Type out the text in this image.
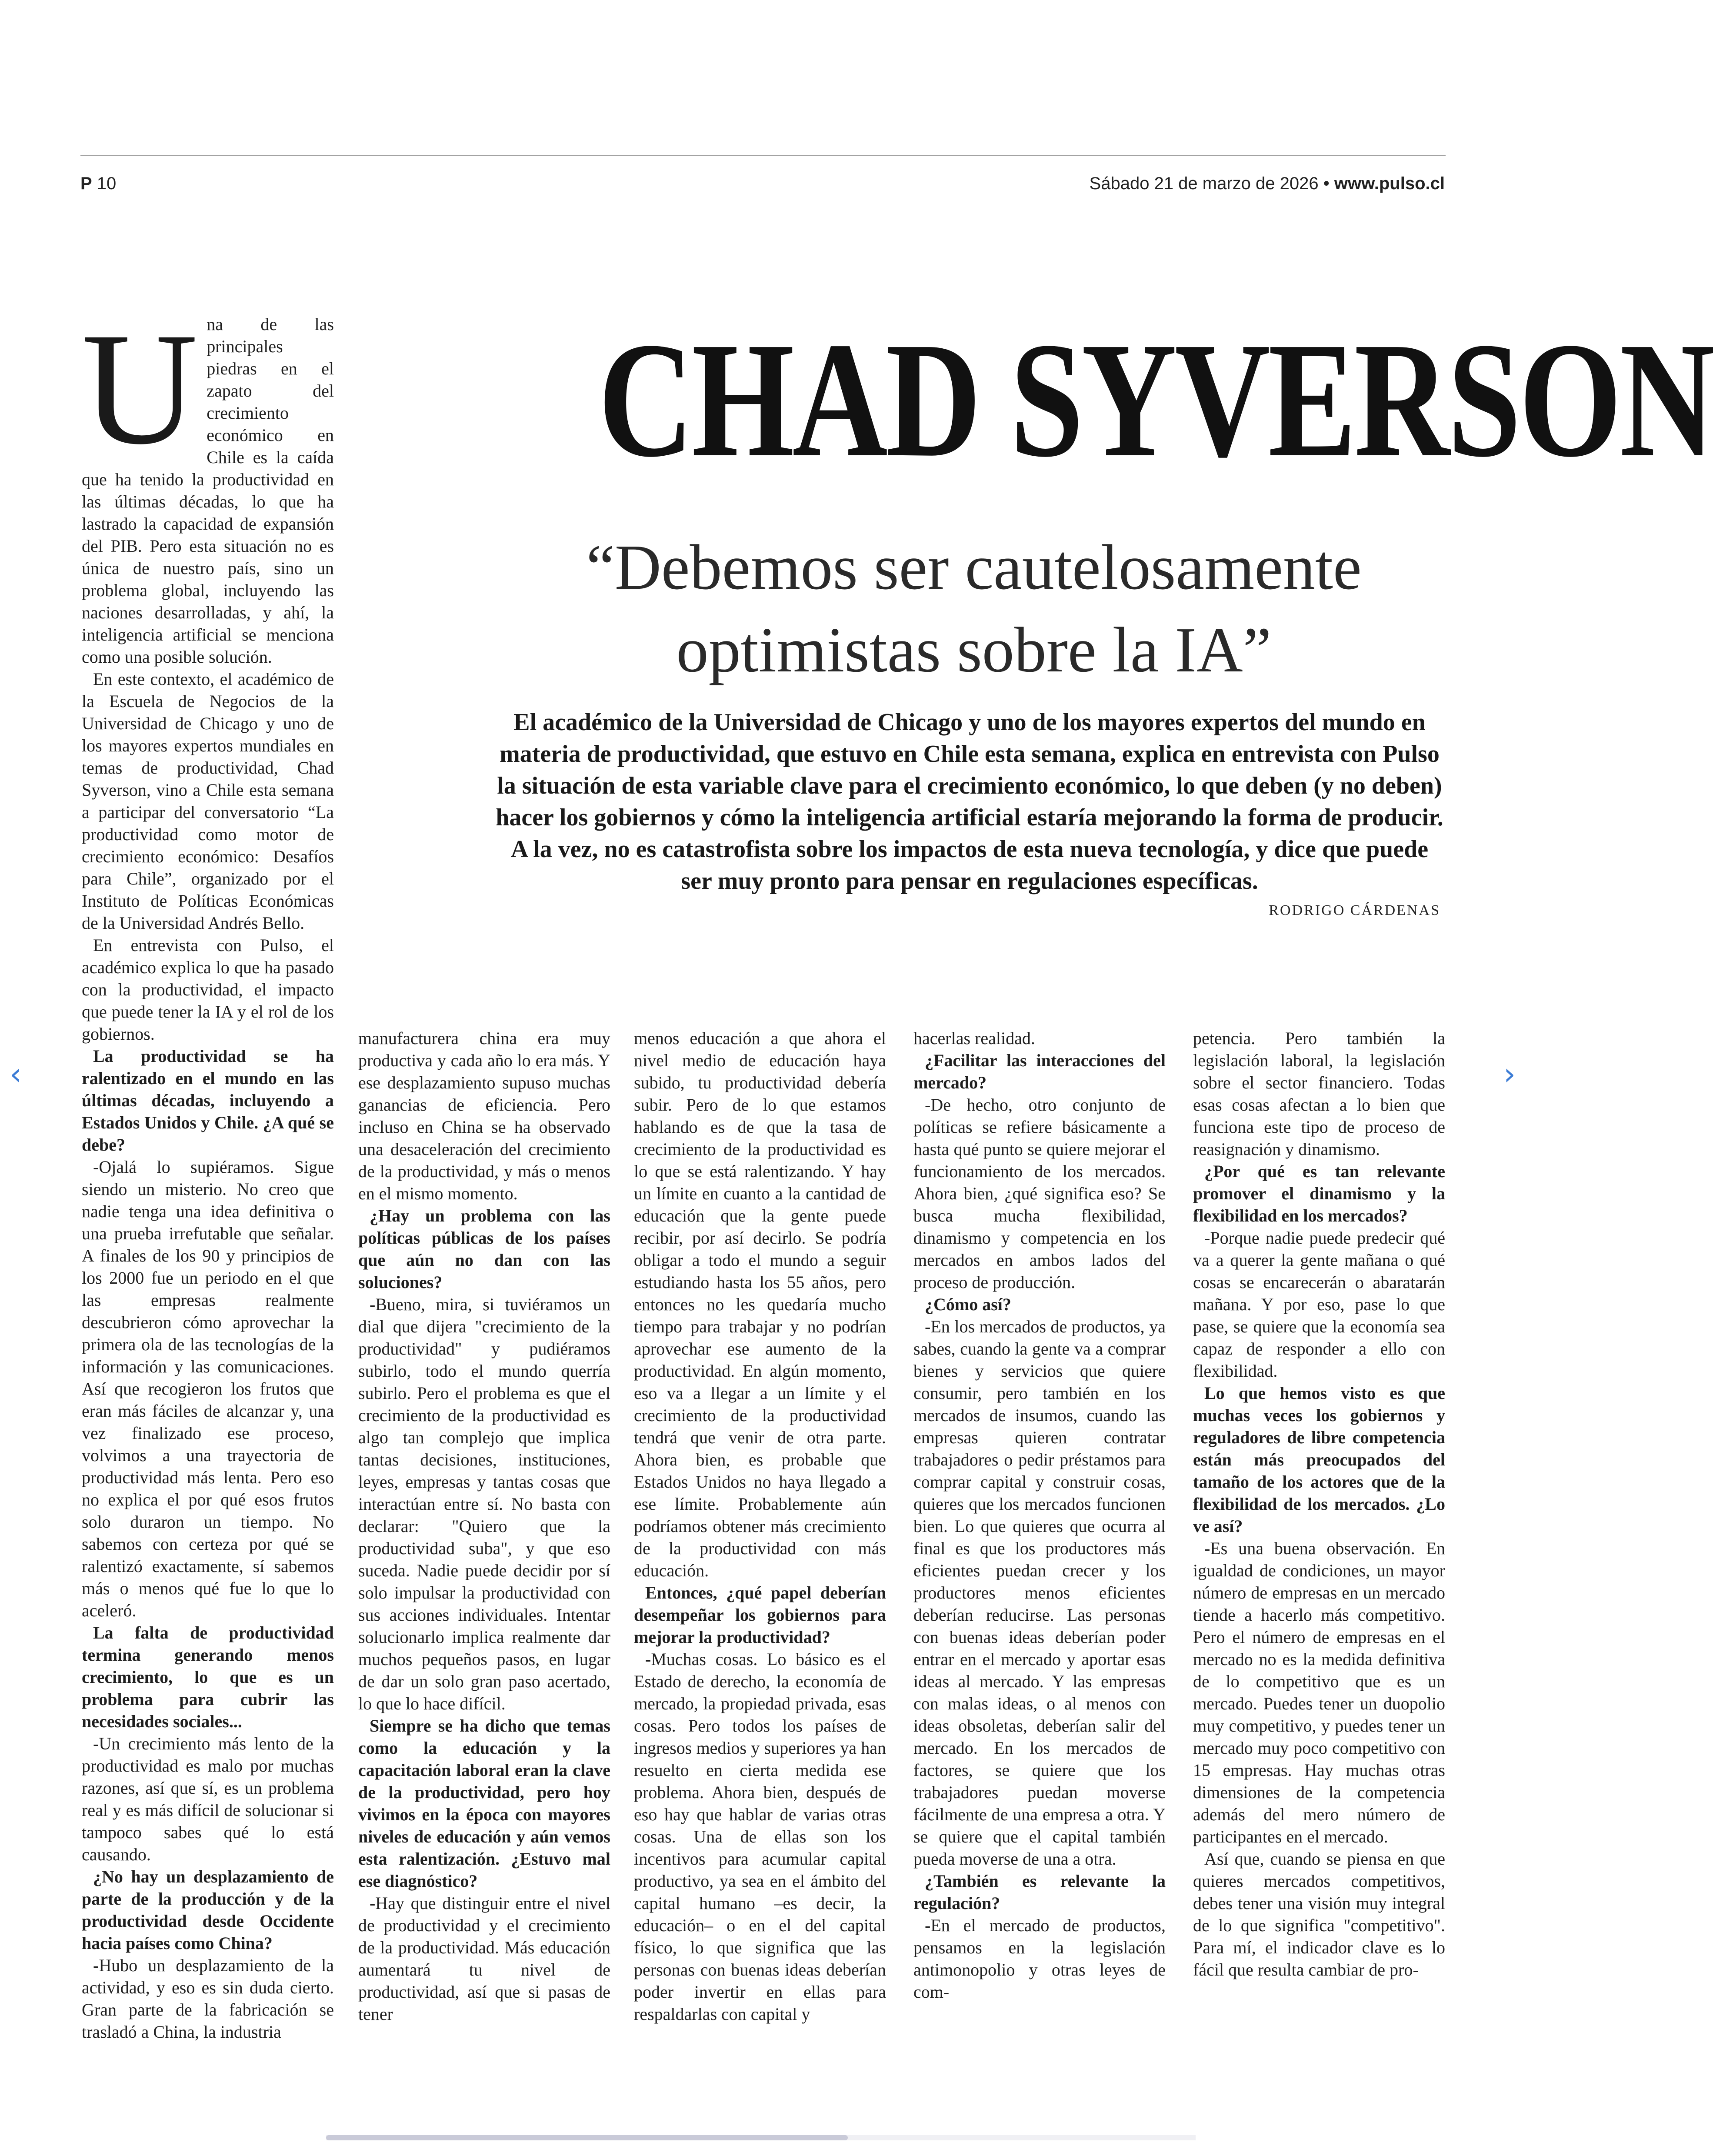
P 10	Sábado 21 de marzo de 2026 • www.pulso.cl
CHAD SYVERSON
“Debemos ser cautelosamente optimistas sobre la IA”
El académico de la Universidad de Chicago y uno de los mayores expertos del mundo en materia de productividad, que estuvo en Chile esta semana, explica en entrevista con Pulso la situación de esta variable clave para el crecimiento económico, lo que deben (y no deben) hacer los gobiernos y cómo la inteligencia artificial estaría mejorando la forma de producir. A la vez, no es catastrofista sobre los impactos de esta nueva tecnología, y dice que puede ser muy pronto para pensar en regulaciones específicas.
RODRIGO CÁRDENAS
U na de las principales piedras en el zapato del crecimiento económico en Chile es la caída que ha tenido la productividad en las últimas décadas, lo que ha lastrado la capacidad de expansión del PIB. Pero esta situación no es única de nuestro país, sino un problema global, incluyendo las naciones desarrolladas, y ahí, la inteligencia artificial se menciona como una posible solución.

En este contexto, el académico de la Escuela de Negocios de la Universidad de Chicago y uno de los mayores expertos mundiales en temas de productividad, Chad Syverson, vino a Chile esta semana a participar del conversatorio “La productividad como motor de crecimiento económico: Desafíos para Chile”, organizado por el Instituto de Políticas Económicas de la Universidad Andrés Bello.

En entrevista con Pulso, el académico explica lo que ha pasado con la productividad, el impacto que puede tener la IA y el rol de los gobiernos.

La productividad se ha ralentizado en el mundo en las últimas décadas, incluyendo a Estados Unidos y Chile. ¿A qué se debe?

-Ojalá lo supiéramos. Sigue siendo un misterio. No creo que nadie tenga una idea definitiva o una prueba irrefutable que señalar. A finales de los 90 y principios de los 2000 fue un periodo en el que las empresas realmente descubrieron cómo aprovechar la primera ola de las tecnologías de la información y las comunicaciones. Así que recogieron los frutos que eran más fáciles de alcanzar y, una vez finalizado ese proceso, volvimos a una trayectoria de productividad más lenta. Pero eso no explica el por qué esos frutos solo duraron un tiempo. No sabemos con certeza por qué se ralentizó exactamente, sí sabemos más o menos qué fue lo que lo aceleró.

La falta de productividad termina generando menos crecimiento, lo que es un problema para cubrir las necesidades sociales...

-Un crecimiento más lento de la productividad es malo por muchas razones, así que sí, es un problema real y es más difícil de solucionar si tampoco sabes qué lo está causando.

¿No hay un desplazamiento de parte de la producción y de la productividad desde Occidente hacia países como China?

-Hubo un desplazamiento de la actividad, y eso es sin duda cierto. Gran parte de la fabricación se trasladó a China, la industria

manufacturera china era muy productiva y cada año lo era más. Y ese desplazamiento supuso muchas ganancias de eficiencia. Pero incluso en China se ha observado una desaceleración del crecimiento de la productividad, y más o menos en el mismo momento.

¿Hay un problema con las políticas públicas de los países que aún no dan con las soluciones?

-Bueno, mira, si tuviéramos un dial que dijera "crecimiento de la productividad" y pudiéramos subirlo, todo el mundo querría subirlo. Pero el problema es que el crecimiento de la productividad es algo tan complejo que implica tantas decisiones, instituciones, leyes, empresas y tantas cosas que interactúan entre sí. No basta con declarar: "Quiero que la productividad suba", y que eso suceda. Nadie puede decidir por sí solo impulsar la productividad con sus acciones individuales. Intentar solucionarlo implica realmente dar muchos pequeños pasos, en lugar de dar un solo gran paso acertado, lo que lo hace difícil.

Siempre se ha dicho que temas como la educación y la capacitación laboral eran la clave de la productividad, pero hoy vivimos en la época con mayores niveles de educación y aún vemos esta ralentización. ¿Estuvo mal ese diagnóstico?

-Hay que distinguir entre el nivel de productividad y el crecimiento de la productividad. Más educación aumentará tu nivel de productividad, así que si pasas de tener

menos educación a que ahora el nivel medio de educación haya subido, tu productividad debería subir. Pero de lo que estamos hablando es de que la tasa de crecimiento de la productividad es lo que se está ralentizando. Y hay un límite en cuanto a la cantidad de educación que la gente puede recibir, por así decirlo. Se podría obligar a todo el mundo a seguir estudiando hasta los 55 años, pero entonces no les quedaría mucho tiempo para trabajar y no podrían aprovechar ese aumento de la productividad. En algún momento, eso va a llegar a un límite y el crecimiento de la productividad tendrá que venir de otra parte. Ahora bien, es probable que Estados Unidos no haya llegado a ese límite. Probablemente aún podríamos obtener más crecimiento de la productividad con más educación.

Entonces, ¿qué papel deberían desempeñar los gobiernos para mejorar la productividad?

-Muchas cosas. Lo básico es el Estado de derecho, la economía de mercado, la propiedad privada, esas cosas. Pero todos los países de ingresos medios y superiores ya han resuelto en cierta medida ese problema. Ahora bien, después de eso hay que hablar de varias otras cosas. Una de ellas son los incentivos para acumular capital productivo, ya sea en el ámbito del capital humano –es decir, la educación– o en el del capital físico, lo que significa que las personas con buenas ideas deberían poder invertir en ellas para respaldarlas con capital y

hacerlas realidad.

¿Facilitar las interacciones del mercado?

-De hecho, otro conjunto de políticas se refiere básicamente a hasta qué punto se quiere mejorar el funcionamiento de los mercados. Ahora bien, ¿qué significa eso? Se busca mucha flexibilidad, dinamismo y competencia en los mercados en ambos lados del proceso de producción.

¿Cómo así?

-En los mercados de productos, ya sabes, cuando la gente va a comprar bienes y servicios que quiere consumir, pero también en los mercados de insumos, cuando las empresas quieren contratar trabajadores o pedir préstamos para comprar capital y construir cosas, quieres que los mercados funcionen bien. Lo que quieres que ocurra al final es que los productores más eficientes puedan crecer y los productores menos eficientes deberían reducirse. Las personas con buenas ideas deberían poder entrar en el mercado y aportar esas ideas al mercado. Y las empresas con malas ideas, o al menos con ideas obsoletas, deberían salir del mercado. En los mercados de factores, se quiere que los trabajadores puedan moverse fácilmente de una empresa a otra. Y se quiere que el capital también pueda moverse de una a otra.

¿También es relevante la regulación?

-En el mercado de productos, pensamos en la legislación antimonopolio y otras leyes de com-

petencia. Pero también la legislación laboral, la legislación sobre el sector financiero. Todas esas cosas afectan a lo bien que funciona este tipo de proceso de reasignación y dinamismo.

¿Por qué es tan relevante promover el dinamismo y la flexibilidad en los mercados?

-Porque nadie puede predecir qué va a querer la gente mañana o qué cosas se encarecerán o abaratarán mañana. Y por eso, pase lo que pase, se quiere que la economía sea capaz de responder a ello con flexibilidad.

Lo que hemos visto es que muchas veces los gobiernos y reguladores de libre competencia están más preocupados del tamaño de los actores que de la flexibilidad de los mercados. ¿Lo ve así?

-Es una buena observación. En igualdad de condiciones, un mayor número de empresas en un mercado tiende a hacerlo más competitivo. Pero el número de empresas en el mercado no es la medida definitiva de lo competitivo que es un mercado. Puedes tener un duopolio muy competitivo, y puedes tener un mercado muy poco competitivo con 15 empresas. Hay muchas otras dimensiones de la competencia además del mero número de participantes en el mercado.

Así que, cuando se piensa en que quieres mercados competitivos, debes tener una visión muy integral de lo que significa "competitivo". Para mí, el indicador clave es lo fácil que resulta cambiar de pro-

‹	›
